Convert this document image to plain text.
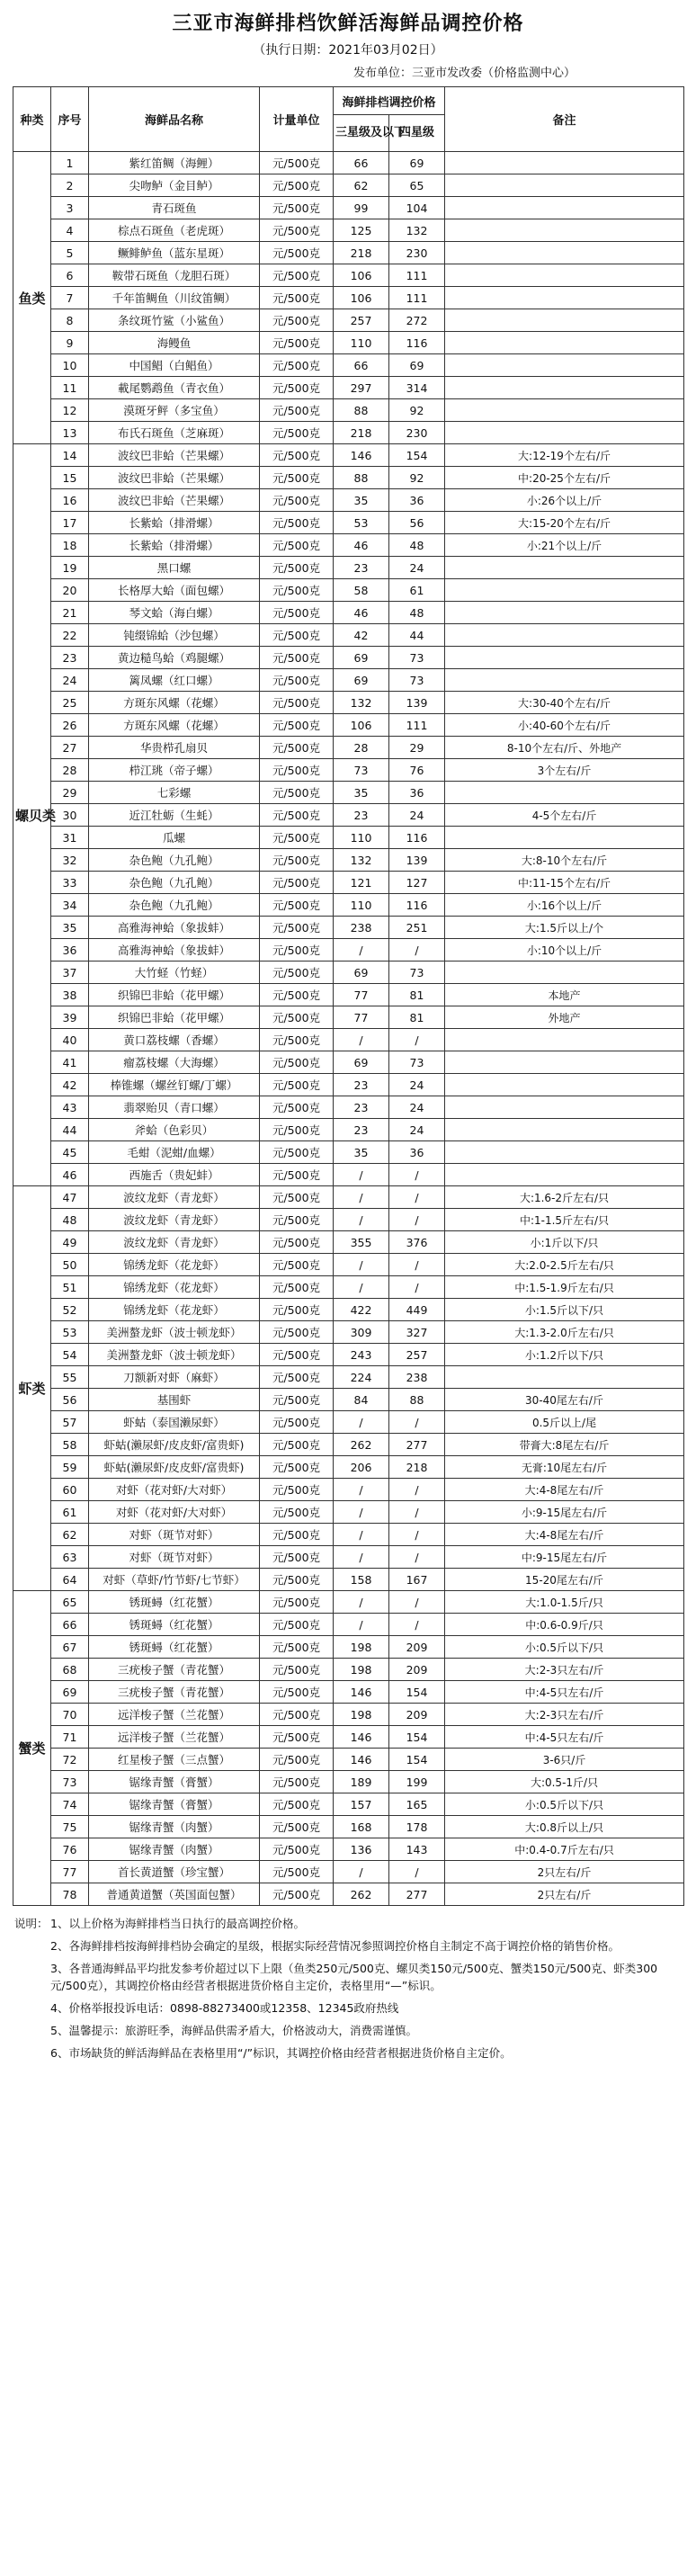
三亚市海鲜排档饮鲜活海鲜品调控价格
（执行日期：2021年03月02日）
发布单位：三亚市发改委（价格监测中心）
种类	序号	海鲜品名称	计量单位	海鲜排档调控价格		备注
				三星级及以下	四星级	
鱼类	1	紫红笛鲷（海鲤）	元/500克	66	69	
	2	尖吻鲈（金目鲈）	元/500克	62	65	
	3	青石斑鱼	元/500克	99	104	
	4	棕点石斑鱼（老虎斑）	元/500克	125	132	
	5	鳜鲱鲈鱼（蓝东星斑）	元/500克	218	230	
	6	鞍带石斑鱼（龙胆石斑）	元/500克	106	111	
	7	千年笛鲷鱼（川纹笛鲷）	元/500克	106	111	
	8	条纹斑竹鲨（小鲨鱼）	元/500克	257	272	
	9	海鳗鱼	元/500克	110	116	
	10	中国鲳（白鲳鱼）	元/500克	66	69	
	11	載尾鹦鹉鱼（青衣鱼）	元/500克	297	314	
	12	漠斑牙鲆（多宝鱼）	元/500克	88	92	
	13	布氏石斑鱼（芝麻斑）	元/500克	218	230	
螺贝类	14	波纹巴非蛤（芒果螺）	元/500克	146	154	大:12-19个左右/斤
	15	波纹巴非蛤（芒果螺）	元/500克	88	92	中:20-25个左右/斤
	16	波纹巴非蛤（芒果螺）	元/500克	35	36	小:26个以上/斤
	17	长紫蛤（排滑螺）	元/500克	53	56	大:15-20个左右/斤
	18	长紫蛤（排滑螺）	元/500克	46	48	小:21个以上/斤
	19	黑口螺	元/500克	23	24	
	20	长格厚大蛤（面包螺）	元/500克	58	61	
	21	琴文蛤（海白螺）	元/500克	46	48	
	22	钝缀锦蛤（沙包螺）	元/500克	42	44	
	23	黄边糙鸟蛤（鸡腿螺）	元/500克	69	73	
	24	篱凤螺（红口螺）	元/500克	69	73	
	25	方斑东风螺（花螺）	元/500克	132	139	大:30-40个左右/斤
	26	方斑东风螺（花螺）	元/500克	106	111	小:40-60个左右/斤
	27	华贵栉孔扇贝	元/500克	28	29	8-10个左右/斤、外地产
	28	栉江珧（帝子螺）	元/500克	73	76	3个左右/斤
	29	七彩螺	元/500克	35	36	
	30	近江牡蛎（生蚝）	元/500克	23	24	4-5个左右/斤
	31	瓜螺	元/500克	110	116	
	32	杂色鲍（九孔鲍）	元/500克	132	139	大:8-10个左右/斤
	33	杂色鲍（九孔鲍）	元/500克	121	127	中:11-15个左右/斤
	34	杂色鲍（九孔鲍）	元/500克	110	116	小:16个以上/斤
	35	高雅海神蛤（象拔蚌）	元/500克	238	251	大:1.5斤以上/个
	36	高雅海神蛤（象拔蚌）	元/500克	/	/	小:10个以上/斤
	37	大竹蛏（竹蛏）	元/500克	69	73	
	38	织锦巴非蛤（花甲螺）	元/500克	77	81	本地产
	39	织锦巴非蛤（花甲螺）	元/500克	77	81	外地产
	40	黄口荔枝螺（香螺）	元/500克	/	/	
	41	瘤荔枝螺（大海螺）	元/500克	69	73	
	42	棒锥螺（螺丝钉螺/丁螺）	元/500克	23	24	
	43	翡翠贻贝（青口螺）	元/500克	23	24	
	44	斧蛤（色彩贝）	元/500克	23	24	
	45	毛蚶（泥蚶/血螺）	元/500克	35	36	
	46	西施舌（贵妃蚌）	元/500克	/	/	
虾类	47	波纹龙虾（青龙虾）	元/500克	/	/	大:1.6-2斤左右/只
	48	波纹龙虾（青龙虾）	元/500克	/	/	中:1-1.5斤左右/只
	49	波纹龙虾（青龙虾）	元/500克	355	376	小:1斤以下/只
	50	锦绣龙虾（花龙虾）	元/500克	/	/	大:2.0-2.5斤左右/只
	51	锦绣龙虾（花龙虾）	元/500克	/	/	中:1.5-1.9斤左右/只
	52	锦绣龙虾（花龙虾）	元/500克	422	449	小:1.5斤以下/只
	53	美洲螯龙虾（波士顿龙虾）	元/500克	309	327	大:1.3-2.0斤左右/只
	54	美洲螯龙虾（波士顿龙虾）	元/500克	243	257	小:1.2斤以下/只
	55	刀额新对虾（麻虾）	元/500克	224	238	
	56	基围虾	元/500克	84	88	30-40尾左右/斤
	57	虾蛄（泰国濑尿虾）	元/500克	/	/	0.5斤以上/尾
	58	虾蛄(濑尿虾/皮皮虾/富贵虾)	元/500克	262	277	带膏大:8尾左右/斤
	59	虾蛄(濑尿虾/皮皮虾/富贵虾)	元/500克	206	218	无膏:10尾左右/斤
	60	对虾（花对虾/大对虾）	元/500克	/	/	大:4-8尾左右/斤
	61	对虾（花对虾/大对虾）	元/500克	/	/	小:9-15尾左右/斤
	62	对虾（斑节对虾）	元/500克	/	/	大:4-8尾左右/斤
	63	对虾（斑节对虾）	元/500克	/	/	中:9-15尾左右/斤
	64	对虾（草虾/竹节虾/七节虾）	元/500克	158	167	15-20尾左右/斤
蟹类	65	锈斑蟳（红花蟹）	元/500克	/	/	大:1.0-1.5斤/只
	66	锈斑蟳（红花蟹）	元/500克	/	/	中:0.6-0.9斤/只
	67	锈斑蟳（红花蟹）	元/500克	198	209	小:0.5斤以下/只
	68	三疣梭子蟹（青花蟹）	元/500克	198	209	大:2-3只左右/斤
	69	三疣梭子蟹（青花蟹）	元/500克	146	154	中:4-5只左右/斤
	70	远洋梭子蟹（兰花蟹）	元/500克	198	209	大:2-3只左右/斤
	71	远洋梭子蟹（兰花蟹）	元/500克	146	154	中:4-5只左右/斤
	72	红星梭子蟹（三点蟹）	元/500克	146	154	3-6只/斤
	73	锯缘青蟹（膏蟹）	元/500克	189	199	大:0.5-1斤/只
	74	锯缘青蟹（膏蟹）	元/500克	157	165	小:0.5斤以下/只
	75	锯缘青蟹（肉蟹）	元/500克	168	178	大:0.8斤以上/只
	76	锯缘青蟹（肉蟹）	元/500克	136	143	中:0.4-0.7斤左右/只
	77	首长黄道蟹（珍宝蟹）	元/500克	/	/	2只左右/斤
	78	普通黄道蟹（英国面包蟹）	元/500克	262	277	2只左右/斤
说明： 1、以上价格为海鲜排档当日执行的最高调控价格。
2、各海鲜排档按海鲜排档协会确定的星级，根据实际经营情况参照调控价格自主制定不高于调控价格的销售价格。
3、各普通海鲜品平均批发参考价超过以下上限（鱼类250元/500克、螺贝类150元/500克、蟹类150元/500克、虾类300元/500克），其调控价格由经营者根据进货价格自主定价，表格里用“—”标识。
4、价格举报投诉电话：0898-88273400或12358、12345政府热线
5、温馨提示：旅游旺季，海鲜品供需矛盾大，价格波动大，消费需谨慎。
6、市场缺货的鲜活海鲜品在表格里用“/”标识，其调控价格由经营者根据进货价格自主定价。
